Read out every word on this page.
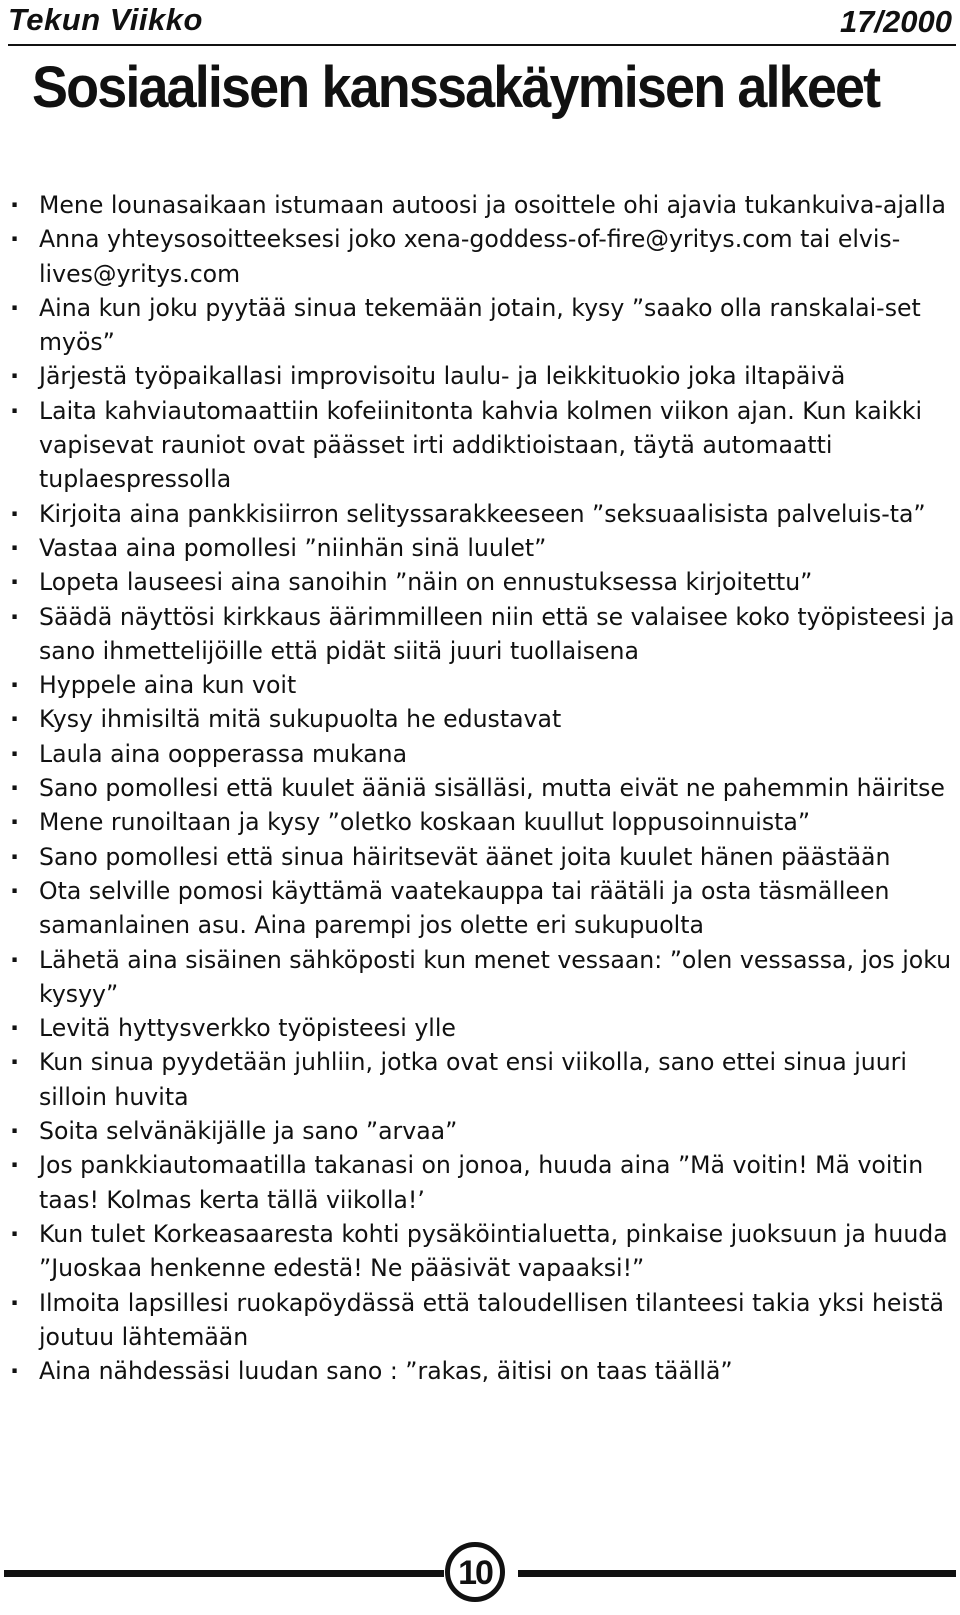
Tekun Viikko	17/2000
Sosiaalisen kanssakäymisen alkeet
· Mene lounasaikaan istumaan autoosi ja osoittele ohi ajavia tukankuiva-ajalla
· Anna yhteysosoitteeksesi joko xena-goddess-of-fire@yritys.com tai elvis-lives@yritys.com
· Aina kun joku pyytää sinua tekemään jotain, kysy ”saako olla ranskalai-set myös”
· Järjestä työpaikallasi improvisoitu laulu- ja leikkituokio joka iltapäivä
· Laita kahviautomaattiin kofeiinitonta kahvia kolmen viikon ajan. Kun kaikki vapisevat rauniot ovat päässet irti addiktioistaan, täytä automaatti tuplaespressolla
· Kirjoita aina pankkisiirron selityssarakkeeseen ”seksuaalisista palveluis-ta”
· Vastaa aina pomollesi ”niinhän sinä luulet”
· Lopeta lauseesi aina sanoihin ”näin on ennustuksessa kirjoitettu”
· Säädä näyttösi kirkkaus äärimmilleen niin että se valaisee koko työpisteesi ja sano ihmettelijöille että pidät siitä juuri tuollaisena
· Hyppele aina kun voit
· Kysy ihmisiltä mitä sukupuolta he edustavat
· Laula aina oopperassa mukana
· Sano pomollesi että kuulet ääniä sisälläsi, mutta eivät ne pahemmin häiritse
· Mene runoiltaan ja kysy ”oletko koskaan kuullut loppusoinnuista”
· Sano pomollesi että sinua häiritsevät äänet joita kuulet hänen päästään
· Ota selville pomosi käyttämä vaatekauppa tai räätäli ja osta täsmälleen samanlainen asu. Aina parempi jos olette eri sukupuolta
· Lähetä aina sisäinen sähköposti kun menet vessaan: ”olen vessassa, jos joku kysyy”
· Levitä hyttysverkko työpisteesi ylle
· Kun sinua pyydetään juhliin, jotka ovat ensi viikolla, sano ettei sinua juuri silloin huvita
· Soita selvänäkijälle ja sano ”arvaa”
· Jos pankkiautomaatilla takanasi on jonoa, huuda aina ”Mä voitin! Mä voitin taas! Kolmas kerta tällä viikolla!’
· Kun tulet Korkeasaaresta kohti pysäköintialuetta, pinkaise juoksuun ja huuda ”Juoskaa henkenne edestä! Ne pääsivät vapaaksi!”
· Ilmoita lapsillesi ruokapöydässä että taloudellisen tilanteesi takia yksi heistä joutuu lähtemään
· Aina nähdessäsi luudan sano : ”rakas, äitisi on taas täällä”
10
